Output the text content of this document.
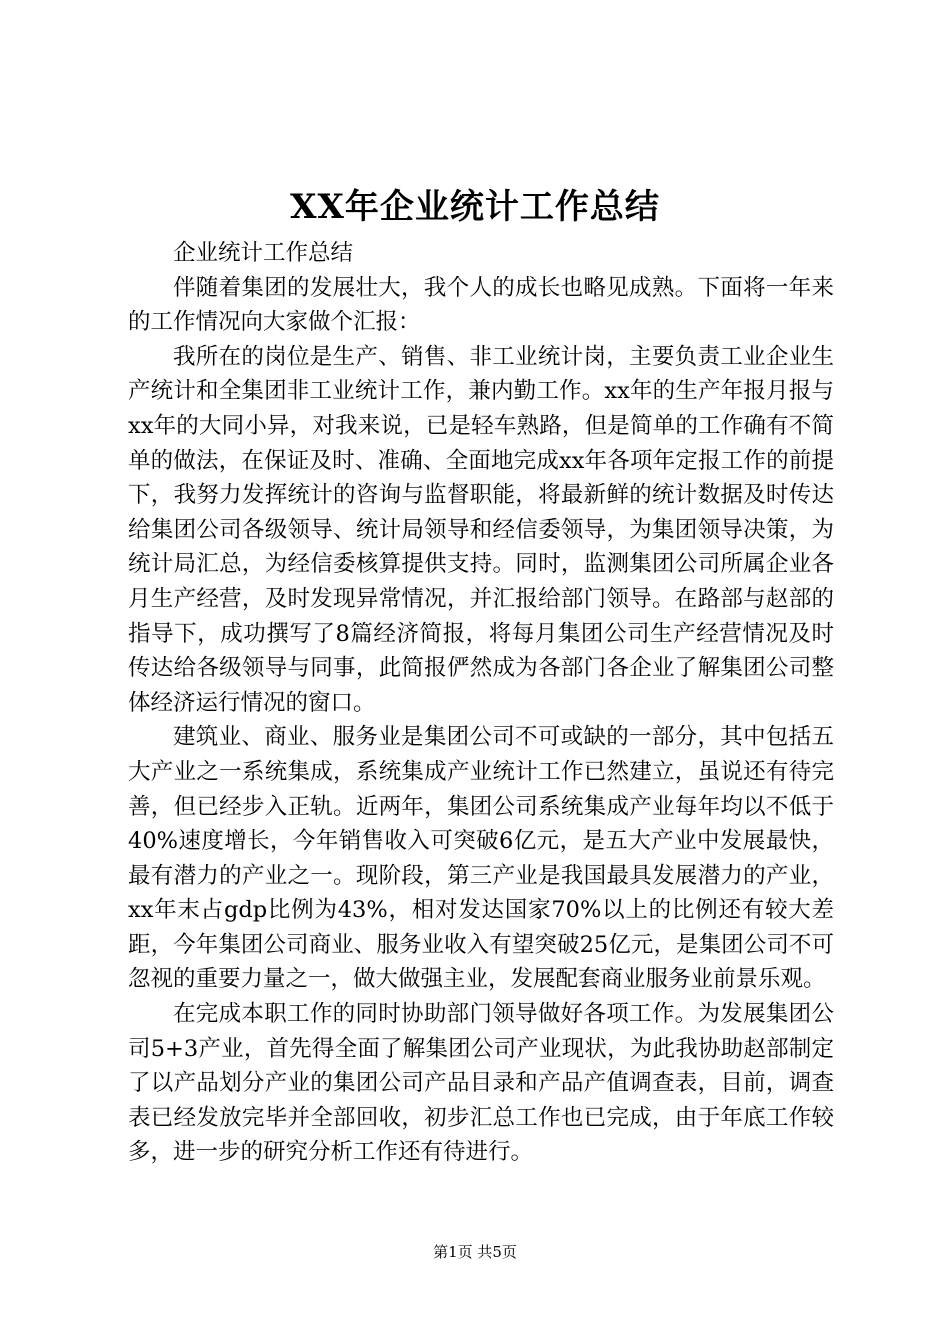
XX年企业统计工作总结

企业统计工作总结

伴随着集团的发展壮大，我个人的成长也略见成熟。下面将一年来的工作情况向大家做个汇报：

我所在的岗位是生产、销售、非工业统计岗，主要负责工业企业生产统计和全集团非工业统计工作，兼内勤工作。xx年的生产年报月报与xx年的大同小异，对我来说，已是轻车熟路，但是简单的工作确有不简单的做法，在保证及时、准确、全面地完成xx年各项年定报工作的前提下，我努力发挥统计的咨询与监督职能，将最新鲜的统计数据及时传达给集团公司各级领导、统计局领导和经信委领导，为集团领导决策，为统计局汇总，为经信委核算提供支持。同时，监测集团公司所属企业各月生产经营，及时发现异常情况，并汇报给部门领导。在路部与赵部的指导下，成功撰写了8篇经济简报，将每月集团公司生产经营情况及时传达给各级领导与同事，此简报俨然成为各部门各企业了解集团公司整体经济运行情况的窗口。

建筑业、商业、服务业是集团公司不可或缺的一部分，其中包括五大产业之一系统集成，系统集成产业统计工作已然建立，虽说还有待完善，但已经步入正轨。近两年，集团公司系统集成产业每年均以不低于40%速度增长，今年销售收入可突破6亿元，是五大产业中发展最快，最有潜力的产业之一。现阶段，第三产业是我国最具发展潜力的产业，xx年末占gdp比例为43%，相对发达国家70%以上的比例还有较大差距，今年集团公司商业、服务业收入有望突破25亿元，是集团公司不可忽视的重要力量之一，做大做强主业，发展配套商业服务业前景乐观。

在完成本职工作的同时协助部门领导做好各项工作。为发展集团公司5+3产业，首先得全面了解集团公司产业现状，为此我协助赵部制定了以产品划分产业的集团公司产品目录和产品产值调查表，目前，调查表已经发放完毕并全部回收，初步汇总工作也已完成，由于年底工作较多，进一步的研究分析工作还有待进行。

第1页 共5页
